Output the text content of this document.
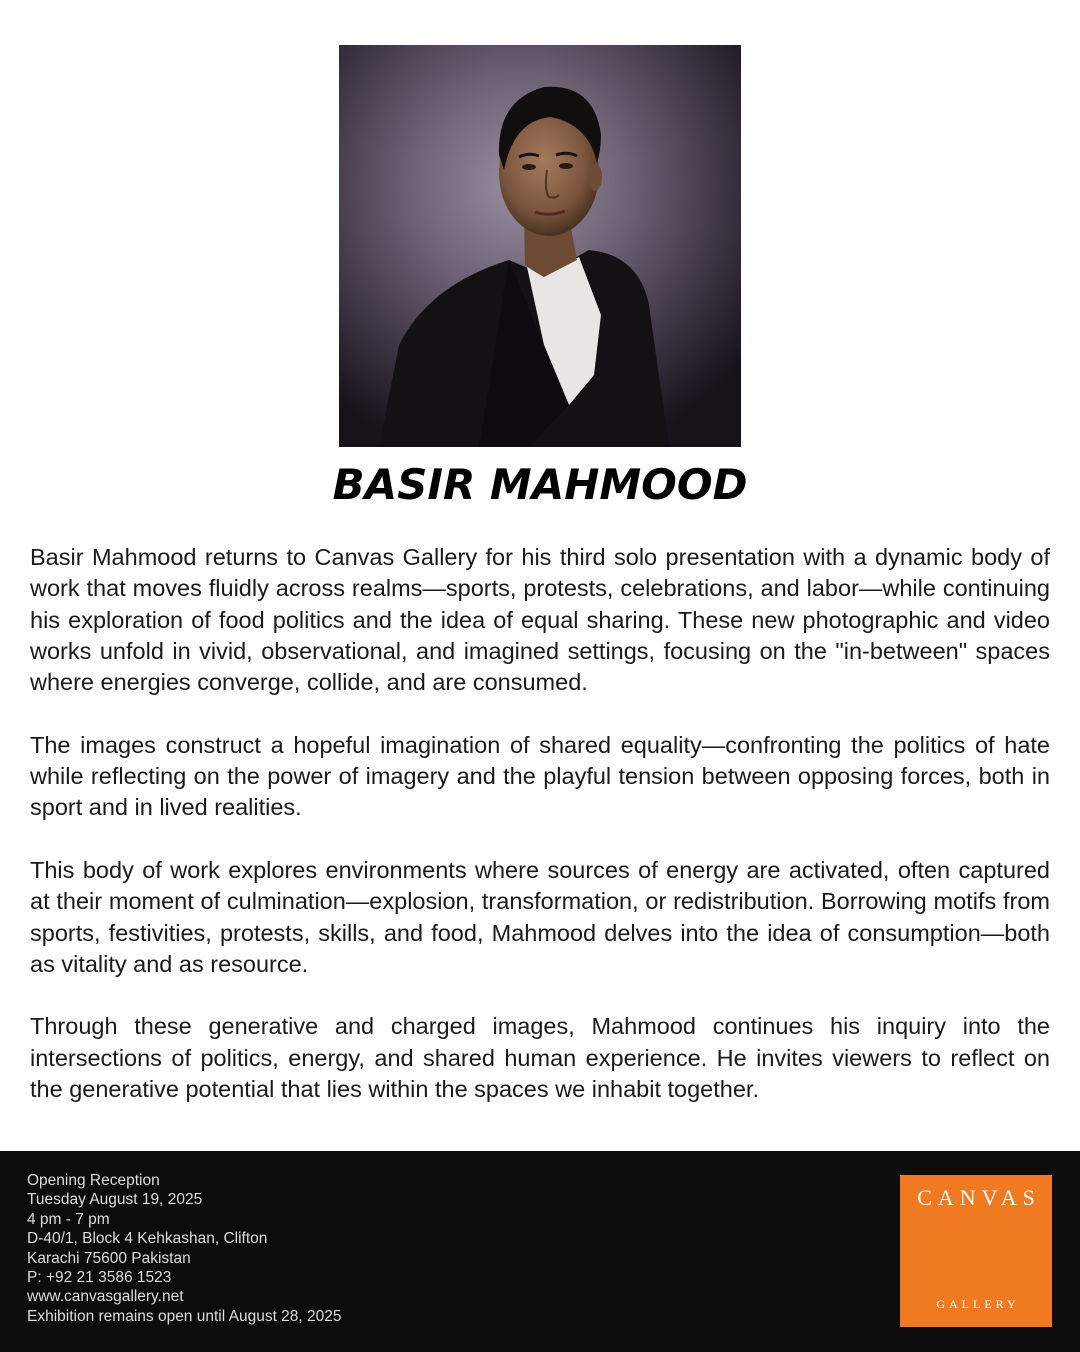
BASIR MAHMOOD

Basir Mahmood returns to Canvas Gallery for his third solo presentation with a dynamic body of work that moves fluidly across realms—sports, protests, celebrations, and labor—while continuing his exploration of food politics and the idea of equal sharing. These new photographic and video works unfold in vivid, observational, and imagined settings, focusing on the "in-between" spaces where energies converge, collide, and are consumed.

The images construct a hopeful imagination of shared equality—confronting the politics of hate while reflecting on the power of imagery and the playful tension between opposing forces, both in sport and in lived realities.

This body of work explores environments where sources of energy are activated, often captured at their moment of culmination—explosion, transformation, or redistribution. Borrowing motifs from sports, festivities, protests, skills, and food, Mahmood delves into the idea of consumption—both as vitality and as resource.

Through these generative and charged images, Mahmood continues his inquiry into the intersections of politics, energy, and shared human experience. He invites viewers to reflect on the generative potential that lies within the spaces we inhabit together.

Opening Reception
Tuesday August 19, 2025
4 pm - 7 pm
D-40/1, Block 4 Kehkashan, Clifton
Karachi 75600 Pakistan
P: +92 21 3586 1523
www.canvasgallery.net
Exhibition remains open until August 28, 2025
CANVAS
GALLERY
